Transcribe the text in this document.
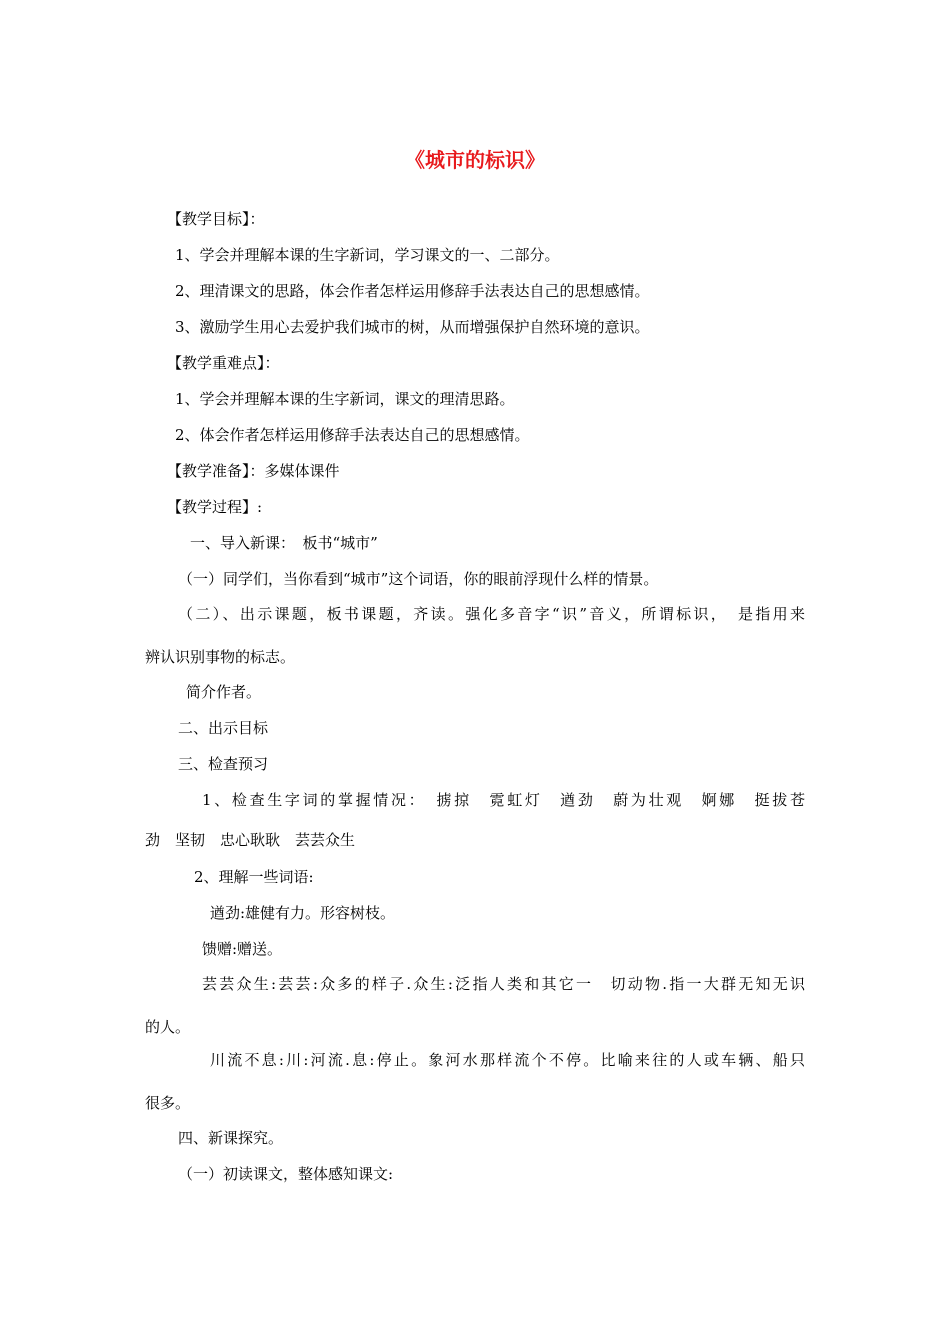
《城市的标识》
【教学目标】：
1、学会并理解本课的生字新词，学习课文的一、二部分。
2、理清课文的思路，体会作者怎样运用修辞手法表达自己的思想感情。
3、激励学生用心去爱护我们城市的树，从而增强保护自然环境的意识。
【教学重难点】：
1、学会并理解本课的生字新词，课文的理清思路。
2、体会作者怎样运用修辞手法表达自己的思想感情。
【教学准备】：多媒体课件
【教学过程】:
一、导入新课：　板书“城市”
（一）同学们，当你看到“城市”这个词语，你的眼前浮现什么样的情景。
（二）、出示课题，板书课题，齐读。强化多音字“识”音义，所谓标识，　是指用来
辨认识别事物的标志。
简介作者。
二、出示目标
三、检查预习
1、检查生字词的掌握情况：　掳掠　霓虹灯　遒劲　蔚为壮观　婀娜　挺拔苍
劲　坚韧　忠心耿耿　芸芸众生
2、理解一些词语:
遒劲:雄健有力。形容树枝。
馈赠:赠送。
芸芸众生:芸芸:众多的样子.众生:泛指人类和其它一　切动物.指一大群无知无识
的人。
川流不息:川:河流.息:停止。象河水那样流个不停。比喻来往的人或车辆、船只
很多。
四、新课探究。
（一）初读课文，整体感知课文:
